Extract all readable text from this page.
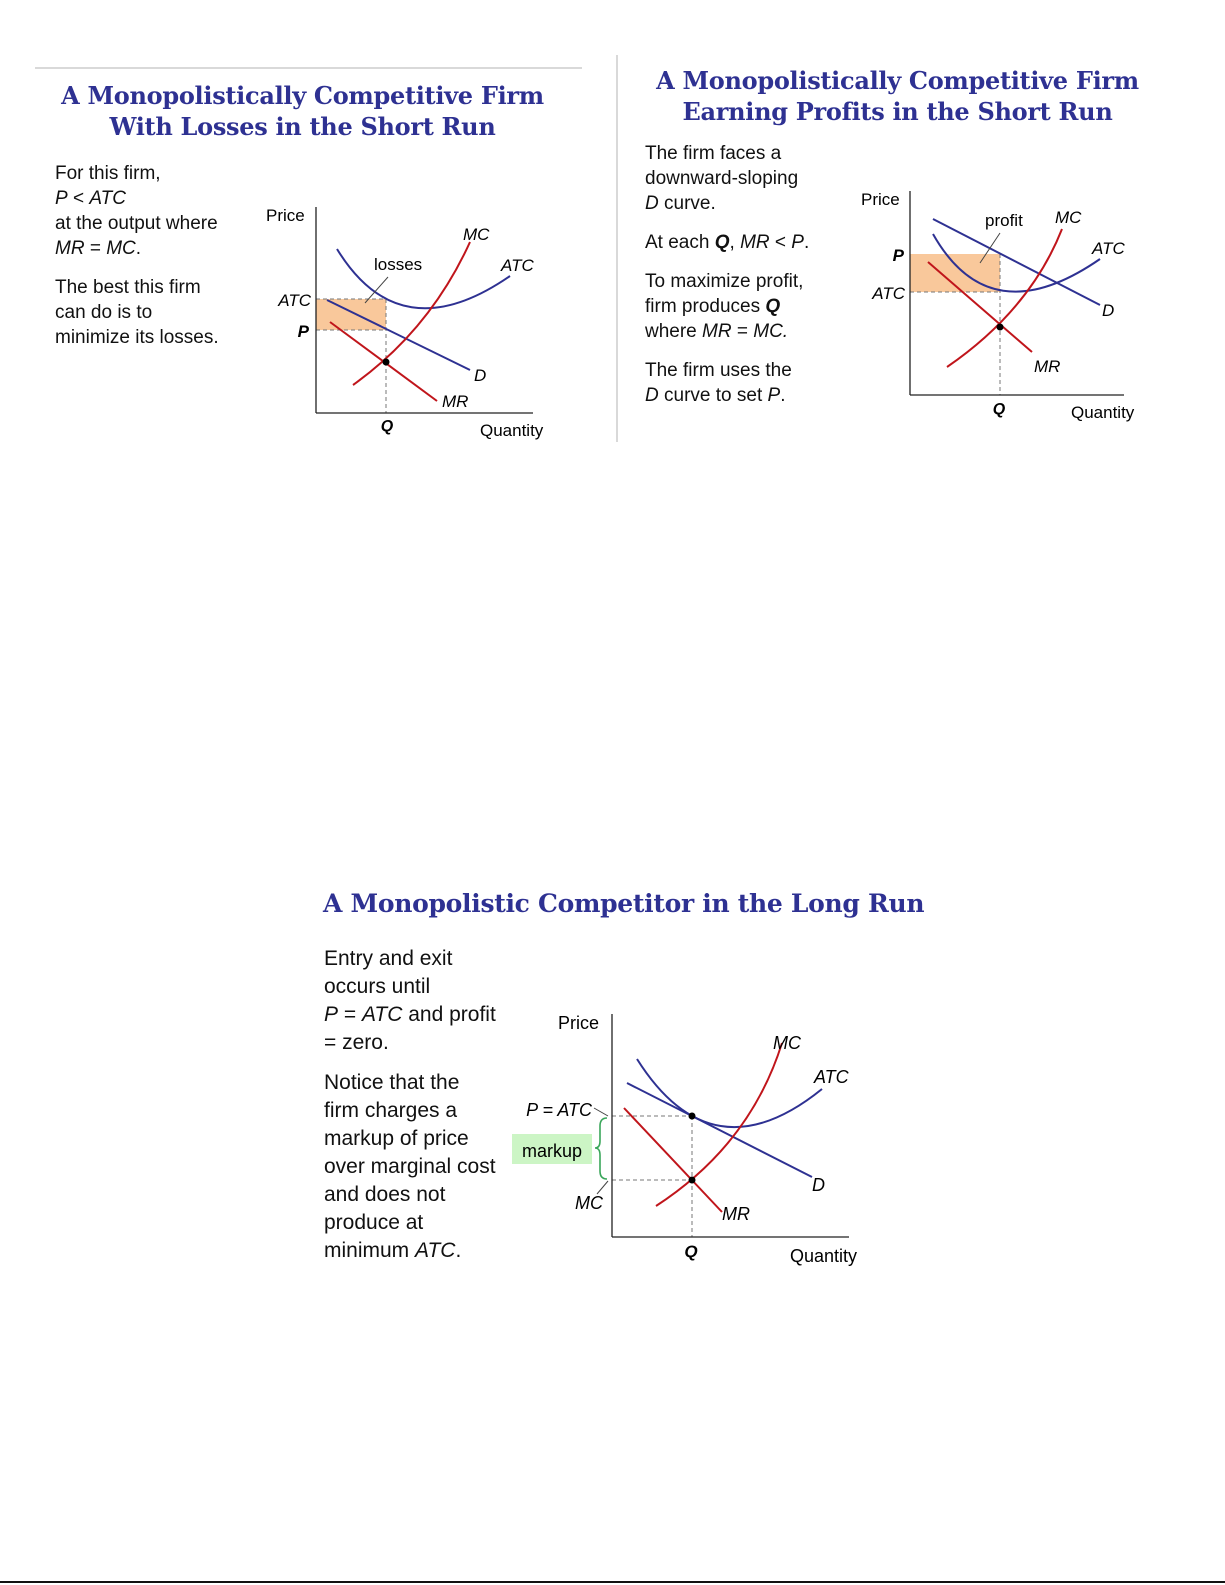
A Monopolistically Competitive Firm
With Losses in the Short Run

For this firm,
P < ATC
at the output where
MR = MC.

The best this firm
can do is to
minimize its losses.

Price
Quantity
ATC
P
Q
losses
MC
ATC
D
MR
A Monopolistically Competitive Firm
Earning Profits in the Short Run

The firm faces a
downward-sloping
D curve.

At each Q, MR < P.

To maximize profit,
firm produces Q
where MR = MC.

The firm uses the
D curve to set P.

Price
Quantity
P
ATC
Q
profit MC
ATC
D
MR
A Monopolistic Competitor in the Long Run

Entry and exit
occurs until
P = ATC and profit
= zero.

Notice that the
firm charges a
markup of price
over marginal cost
and does not
produce at
minimum ATC.

Price
Quantity
P = ATC
MC
Q
markup
MC
ATC
D
MR
